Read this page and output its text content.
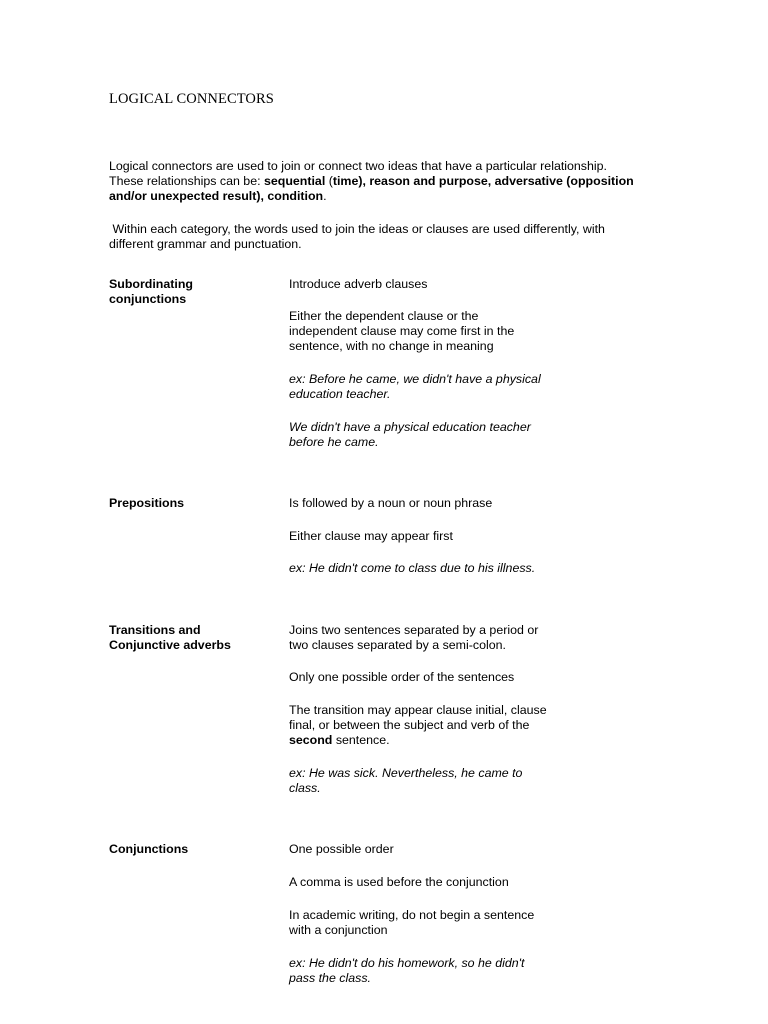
LOGICAL CONNECTORS
Logical connectors are used to join or connect two ideas that have a particular relationship.
These relationships can be: sequential (time), reason and purpose, adversative (opposition and/or unexpected result), condition.
Within each category, the words used to join the ideas or clauses are used differently, with different grammar and punctuation.
Subordinating conjunctions
Introduce adverb clauses
Either the dependent clause or the independent clause may come first in the sentence, with no change in meaning
ex: Before he came, we didn't have a physical education teacher.
We didn't have a physical education teacher before he came.
Prepositions	Is followed by a noun or noun phrase
Either clause may appear first
ex: He didn't come to class due to his illness.
Transitions and Conjunctive adverbs
Joins two sentences separated by a period or two clauses separated by a semi-colon.
Only one possible order of the sentences
The transition may appear clause initial, clause final, or between the subject and verb of the second sentence.
ex: He was sick. Nevertheless, he came to class.
Conjunctions	One possible order
A comma is used before the conjunction
In academic writing, do not begin a sentence with a conjunction
ex: He didn't do his homework, so he didn't pass the class.
